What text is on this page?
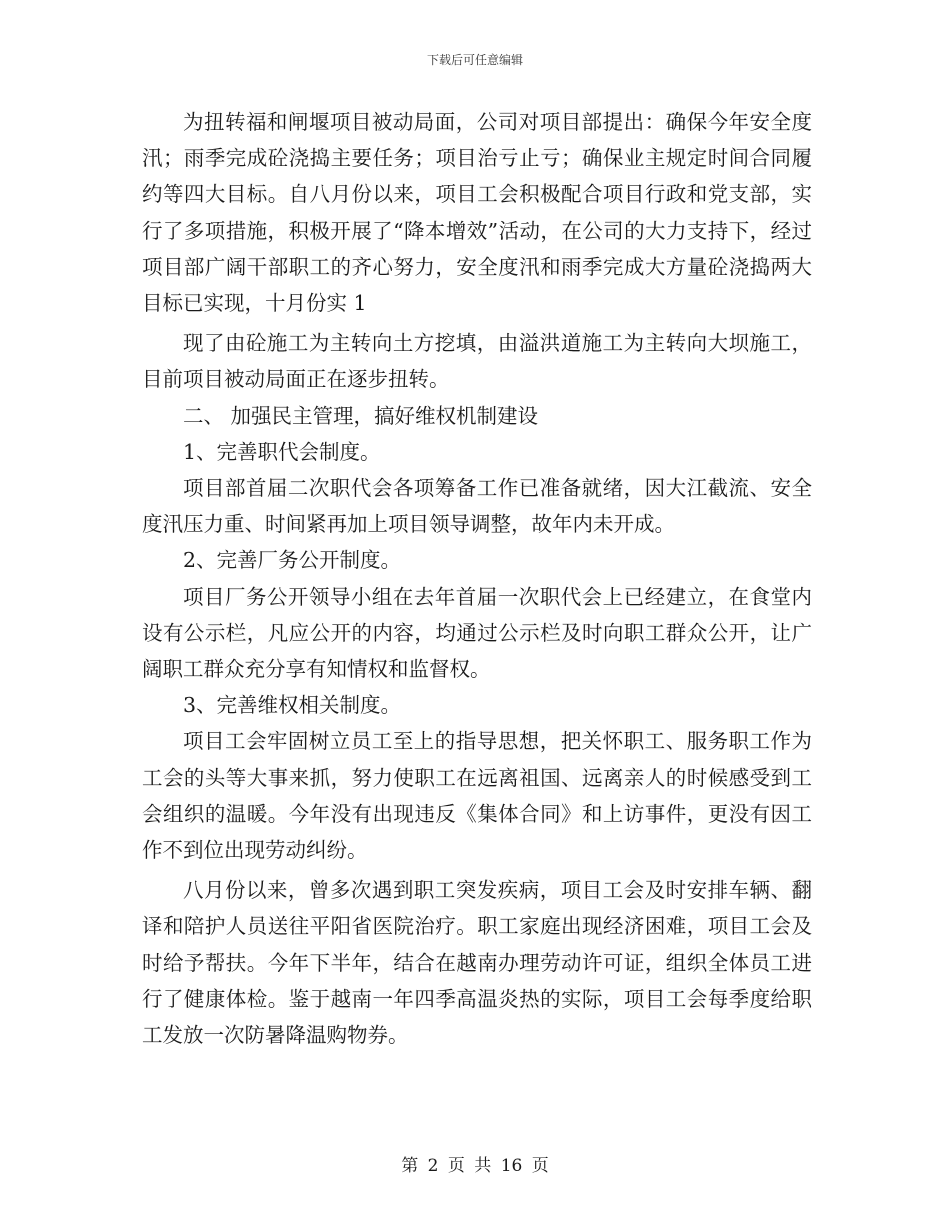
下载后可任意编辑

为扭转福和闸堰项目被动局面，公司对项目部提出：确保今年安全度汛；雨季完成砼浇捣主要任务；项目治亏止亏；确保业主规定时间合同履约等四大目标。自八月份以来，项目工会积极配合项目行政和党支部，实行了多项措施，积极开展了“降本增效”活动，在公司的大力支持下，经过项目部广阔干部职工的齐心努力，安全度汛和雨季完成大方量砼浇捣两大目标已实现，十月份实 1

现了由砼施工为主转向土方挖填，由溢洪道施工为主转向大坝施工，目前项目被动局面正在逐步扭转。

二、 加强民主管理，搞好维权机制建设

1、完善职代会制度。

项目部首届二次职代会各项筹备工作已准备就绪，因大江截流、安全度汛压力重、时间紧再加上项目领导调整，故年内未开成。

2、完善厂务公开制度。

项目厂务公开领导小组在去年首届一次职代会上已经建立，在食堂内设有公示栏，凡应公开的内容，均通过公示栏及时向职工群众公开，让广阔职工群众充分享有知情权和监督权。

3、完善维权相关制度。

项目工会牢固树立员工至上的指导思想，把关怀职工、服务职工作为工会的头等大事来抓，努力使职工在远离祖国、远离亲人的时候感受到工会组织的温暖。今年没有出现违反《集体合同》和上访事件，更没有因工作不到位出现劳动纠纷。

八月份以来，曾多次遇到职工突发疾病，项目工会及时安排车辆、翻译和陪护人员送往平阳省医院治疗。职工家庭出现经济困难，项目工会及时给予帮扶。今年下半年，结合在越南办理劳动许可证，组织全体员工进行了健康体检。鉴于越南一年四季高温炎热的实际，项目工会每季度给职工发放一次防暑降温购物券。

第 2 页 共 16 页
